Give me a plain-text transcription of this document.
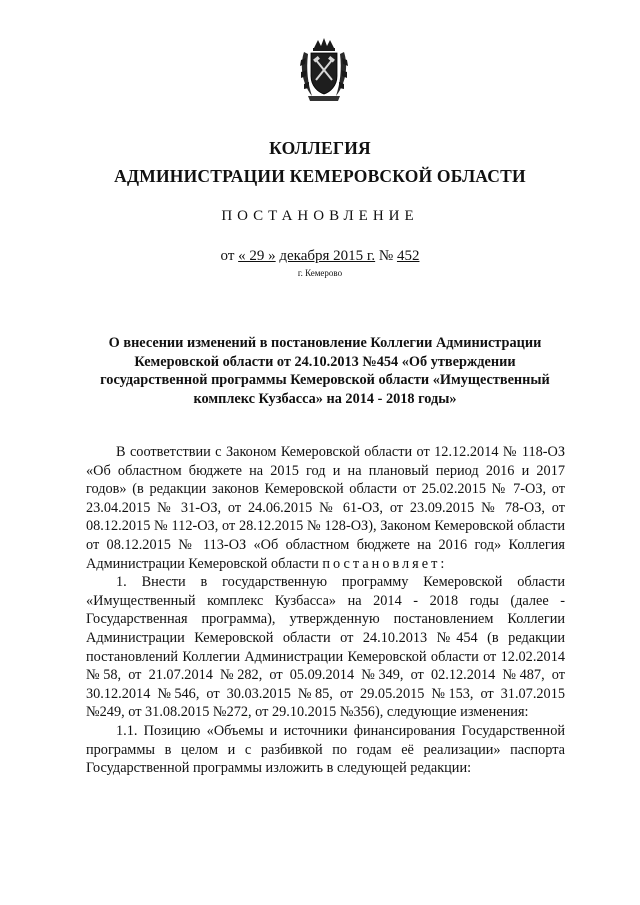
КОЛЛЕГИЯ
АДМИНИСТРАЦИИ КЕМЕРОВСКОЙ ОБЛАСТИ
ПОСТАНОВЛЕНИЕ
от « 29 » декабря 2015 г. № 452
г. Кемерово
О внесении изменений в постановление Коллегии Администрации Кемеровской области от 24.10.2013 №454 «Об утверждении государственной программы Кемеровской области «Имущественный комплекс Кузбасса» на 2014 - 2018 годы»

В соответствии с Законом Кемеровской области от 12.12.2014 № 118-ОЗ «Об областном бюджете на 2015 год и на плановый период 2016 и 2017 годов» (в редакции законов Кемеровской области от 25.02.2015 № 7-ОЗ, от 23.04.2015 № 31-ОЗ, от 24.06.2015 № 61-ОЗ, от 23.09.2015 № 78-ОЗ, от 08.12.2015 № 112-ОЗ, от 28.12.2015 № 128-ОЗ), Законом Кемеровской области от 08.12.2015 № 113-ОЗ «Об областном бюджете на 2016 год» Коллегия Администрации Кемеровской области постановляет:

1. Внести в государственную программу Кемеровской области «Имущественный комплекс Кузбасса» на 2014 - 2018 годы (далее - Государственная программа), утвержденную постановлением Коллегии Администрации Кемеровской области от 24.10.2013 №454 (в редакции постановлений Коллегии Администрации Кемеровской области от 12.02.2014 №58, от 21.07.2014 №282, от 05.09.2014 №349, от 02.12.2014 №487, от 30.12.2014 №546, от 30.03.2015 №85, от 29.05.2015 №153, от 31.07.2015 №249, от 31.08.2015 №272, от 29.10.2015 №356), следующие изменения:

1.1. Позицию «Объемы и источники финансирования Государственной программы в целом и с разбивкой по годам её реализации» паспорта Государственной программы изложить в следующей редакции:
